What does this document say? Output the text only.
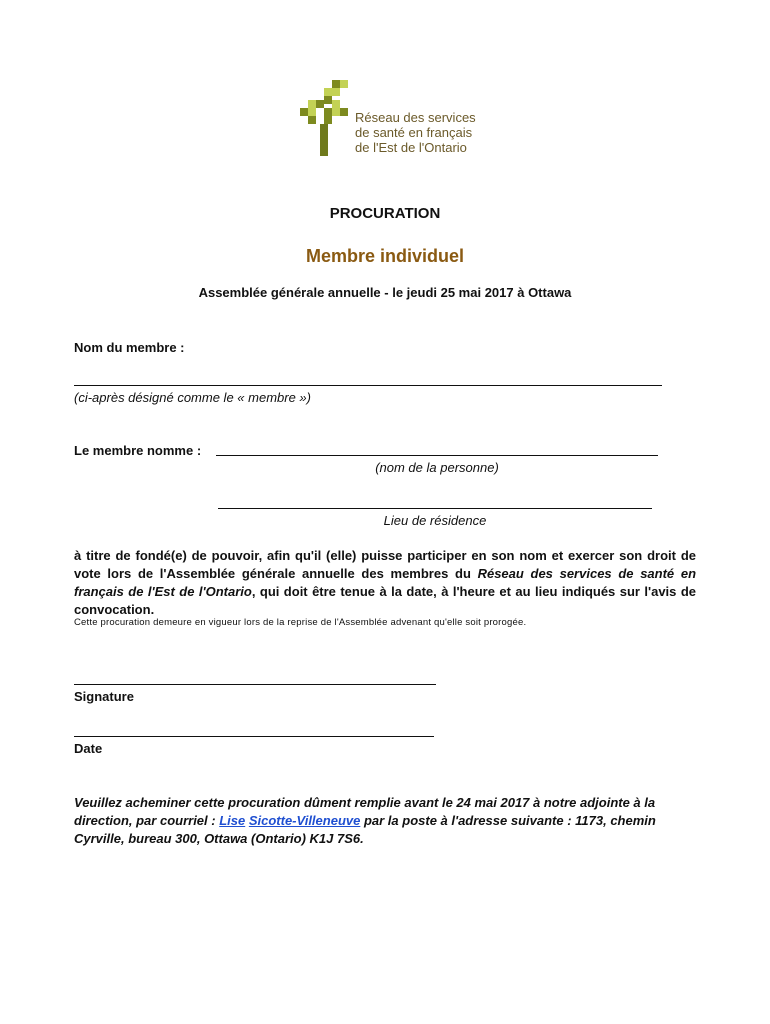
Réseau des services
de santé en français
de l'Est de l'Ontario
PROCURATION
Membre individuel
Assemblée générale annuelle - le jeudi 25 mai 2017 à Ottawa
Nom du membre :
(ci-après désigné comme le « membre »)
Le membre nomme :
(nom de la personne)
Lieu de résidence
à titre de fondé(e) de pouvoir, afin qu'il (elle) puisse participer en son nom et exercer son droit de vote lors de l'Assemblée générale annuelle des membres du Réseau des services de santé en français de l'Est de l'Ontario, qui doit être tenue à la date, à l'heure et au lieu indiqués sur l'avis de convocation.
Cette procuration demeure en vigueur lors de la reprise de l'Assemblée advenant qu'elle soit prorogée.
Signature
Date
Veuillez acheminer cette procuration dûment remplie avant le 24 mai 2017 à notre adjointe à la direction, par courriel : Lise Sicotte-Villeneuve par la poste à l'adresse suivante : 1173, chemin Cyrville, bureau 300, Ottawa (Ontario) K1J 7S6.
